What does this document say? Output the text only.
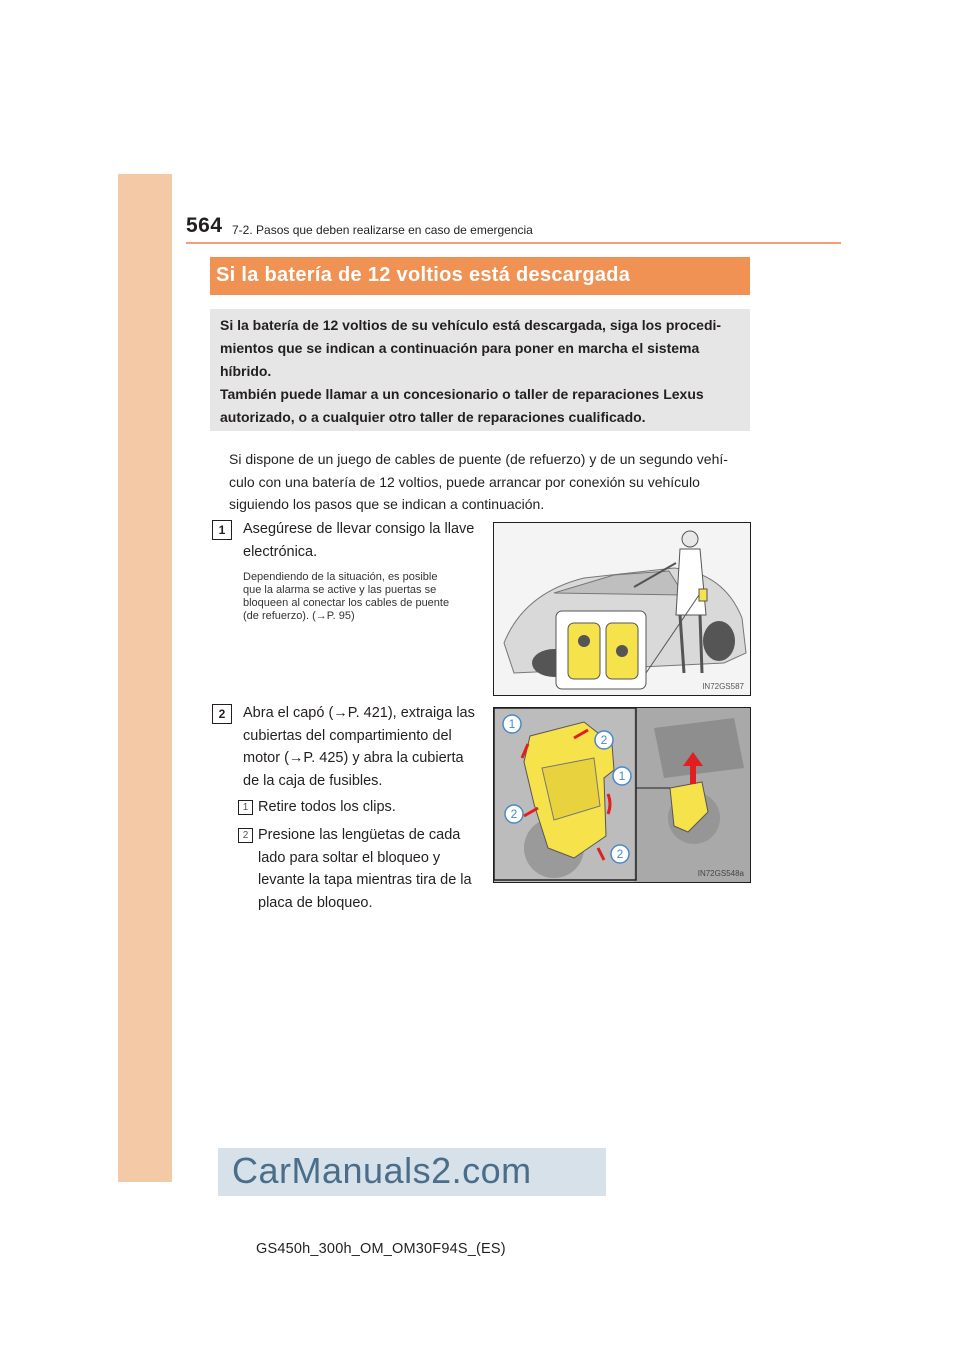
564 7-2. Pasos que deben realizarse en caso de emergencia
Si la batería de 12 voltios está descargada
Si la batería de 12 voltios de su vehículo está descargada, siga los procedi-
mientos que se indican a continuación para poner en marcha el sistema
híbrido.
También puede llamar a un concesionario o taller de reparaciones Lexus
autorizado, o a cualquier otro taller de reparaciones cualificado.
Si dispone de un juego de cables de puente (de refuerzo) y de un segundo vehí-
culo con una batería de 12 voltios, puede arrancar por conexión su vehículo
siguiendo los pasos que se indican a continuación.
1	Asegúrese de llevar consigo la llave
electrónica.
Dependiendo de la situación, es posible
que la alarma se active y las puertas se
bloqueen al conectar los cables de puente
(de refuerzo). (→P. 95)
IN72GS587
2	Abra el capó (→P. 421), extraiga las
cubiertas del compartimiento del
motor (→P. 425) y abra la cubierta
de la caja de fusibles.
1 Retire todos los clips.
2 Presione las lengüetas de cada
lado para soltar el bloqueo y
levante la tapa mientras tira de la
placa de bloqueo.
1
2
1
2
2
IN72GS548a
CarManuals2.com
GS450h_300h_OM_OM30F94S_(ES)
